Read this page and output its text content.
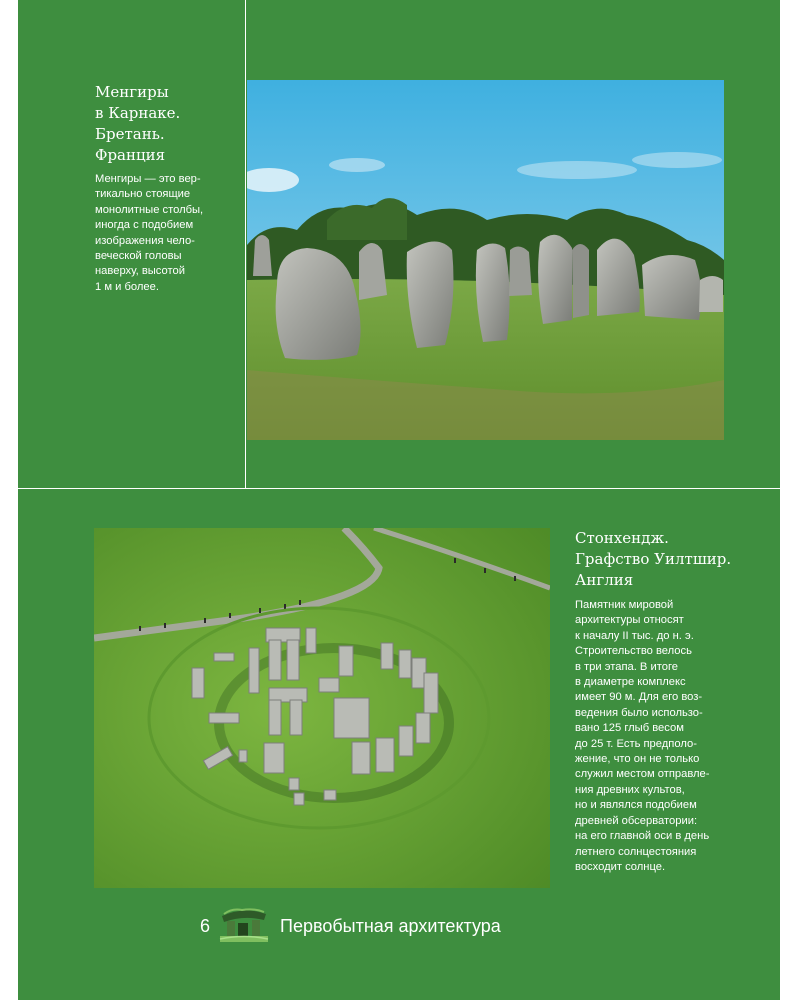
Менгиры
в Карнаке.
Бретань.
Франция

Менгиры — это вер-
тикально стоящие
монолитные столбы,
иногда с подобием
изображения чело-
веческой головы
наверху, высотой
1 м и более.

Стонхендж.
Графство Уилтшир.
Англия

Памятник мировой
архитектуры относят
к началу II тыс. до н. э.
Строительство велось
в три этапа. В итоге
в диаметре комплекс
имеет 90 м. Для его воз-
ведения было использо-
вано 125 глыб весом
до 25 т. Есть предполо-
жение, что он не только
служил местом отправле-
ния древних культов,
но и являлся подобием
древней обсерватории:
на его главной оси в день
летнего солнцестояния
восходит солнце.

6	Первобытная архитектура
